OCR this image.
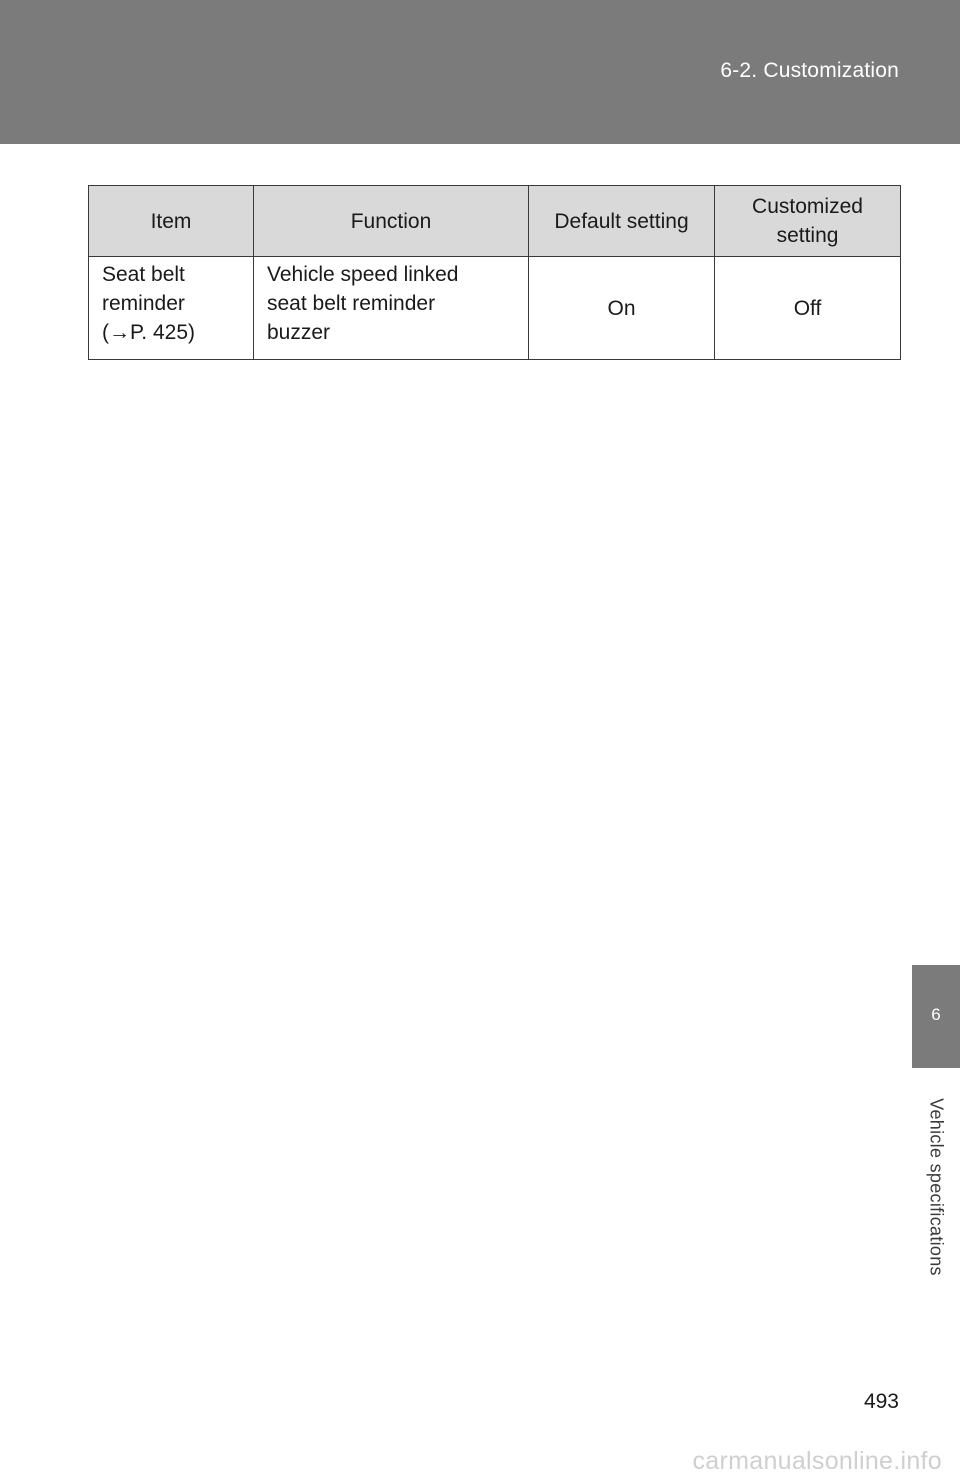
6-2. Customization
Item	Function	Default setting	Customized
setting

Seat belt
reminder
(→P. 425)	Vehicle speed linked
seat belt reminder
buzzer	On	Off
6
Vehicle specifications
493
carmanualsonline.info
